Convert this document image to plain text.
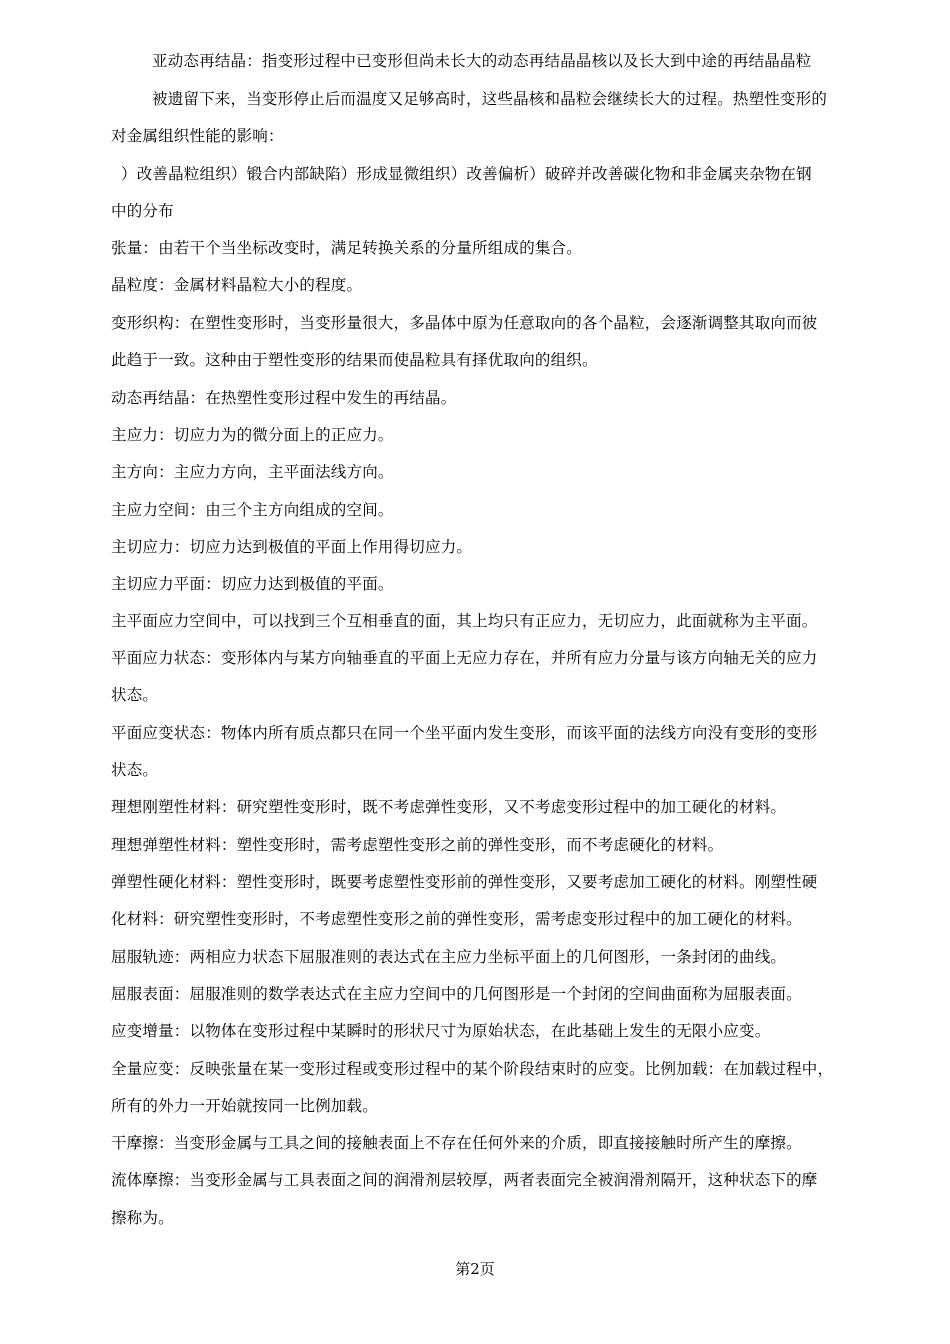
亚动态再结晶：指变形过程中已变形但尚未长大的动态再结晶晶核以及长大到中途的再结晶晶粒

被遗留下来，当变形停止后而温度又足够高时，这些晶核和晶粒会继续长大的过程。热塑性变形的

对金属组织性能的影响：

）改善晶粒组织）锻合内部缺陷）形成显微组织）改善偏析）破碎并改善碳化物和非金属夹杂物在钢

中的分布

张量：由若干个当坐标改变时，满足转换关系的分量所组成的集合。

晶粒度：金属材料晶粒大小的程度。

变形织构：在塑性变形时，当变形量很大，多晶体中原为任意取向的各个晶粒，会逐渐调整其取向而彼

此趋于一致。这种由于塑性变形的结果而使晶粒具有择优取向的组织。

动态再结晶：在热塑性变形过程中发生的再结晶。

主应力：切应力为的微分面上的正应力。

主方向：主应力方向，主平面法线方向。

主应力空间：由三个主方向组成的空间。

主切应力：切应力达到极值的平面上作用得切应力。

主切应力平面：切应力达到极值的平面。

主平面应力空间中，可以找到三个互相垂直的面，其上均只有正应力，无切应力，此面就称为主平面。

平面应力状态：变形体内与某方向轴垂直的平面上无应力存在，并所有应力分量与该方向轴无关的应力

状态。

平面应变状态：物体内所有质点都只在同一个坐平面内发生变形，而该平面的法线方向没有变形的变形

状态。

理想刚塑性材料：研究塑性变形时，既不考虑弹性变形，又不考虑变形过程中的加工硬化的材料。

理想弹塑性材料：塑性变形时，需考虑塑性变形之前的弹性变形，而不考虑硬化的材料。

弹塑性硬化材料：塑性变形时，既要考虑塑性变形前的弹性变形，又要考虑加工硬化的材料。刚塑性硬

化材料：研究塑性变形时，不考虑塑性变形之前的弹性变形，需考虑变形过程中的加工硬化的材料。

屈服轨迹：两相应力状态下屈服准则的表达式在主应力坐标平面上的几何图形，一条封闭的曲线。

屈服表面：屈服准则的数学表达式在主应力空间中的几何图形是一个封闭的空间曲面称为屈服表面。

应变增量：以物体在变形过程中某瞬时的形状尺寸为原始状态，在此基础上发生的无限小应变。

全量应变：反映张量在某一变形过程或变形过程中的某个阶段结束时的应变。比例加载：在加载过程中，

所有的外力一开始就按同一比例加载。

干摩擦：当变形金属与工具之间的接触表面上不存在任何外来的介质，即直接接触时所产生的摩擦。

流体摩擦：当变形金属与工具表面之间的润滑剂层较厚，两者表面完全被润滑剂隔开，这种状态下的摩

擦称为。

第2页
